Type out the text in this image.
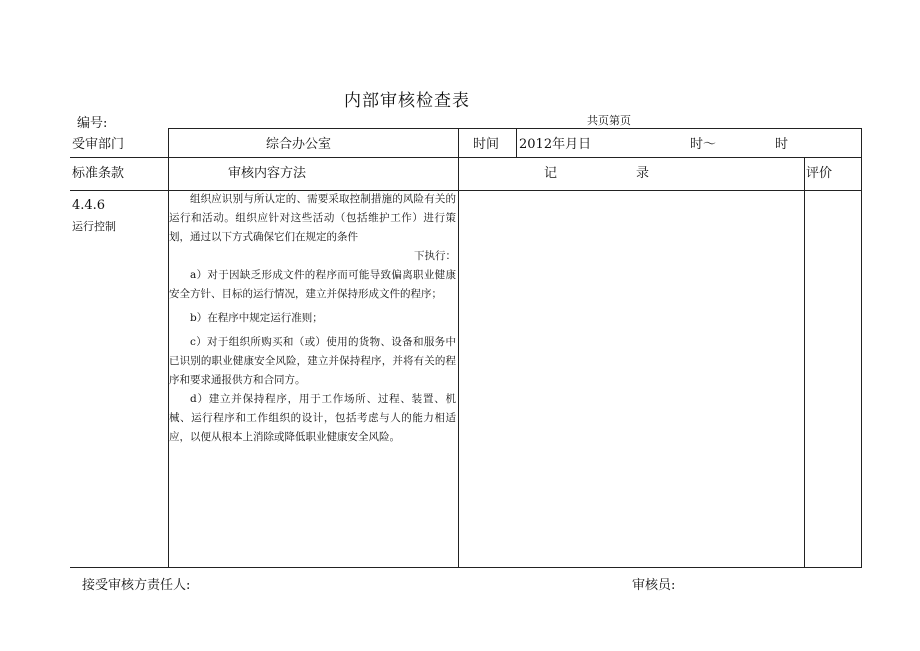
内部审核检查表
编号:	共页第页
受审部门	综合办公室	时间 2012年月日	时～	时
标准条款	审核内容方法	记	录	评价
4.4.6
运行控制

组织应识别与所认定的、需要采取控制措施的风险有关的运行和活动。组织应针对这些活动（包括维护工作）进行策划，通过以下方式确保它们在规定的条件

下执行：

a）对于因缺乏形成文件的程序而可能导致偏离职业健康安全方针、目标的运行情况，建立并保持形成文件的程序；

b）在程序中规定运行准则；

c）对于组织所购买和（或）使用的货物、设备和服务中已识别的职业健康安全风险，建立并保持程序，并将有关的程序和要求通报供方和合同方。

d）建立并保持程序，用于工作场所、过程、装置、机械、运行程序和工作组织的设计，包括考虑与人的能力相适应，以便从根本上消除或降低职业健康安全风险。

接受审核方责任人:	审核员:
